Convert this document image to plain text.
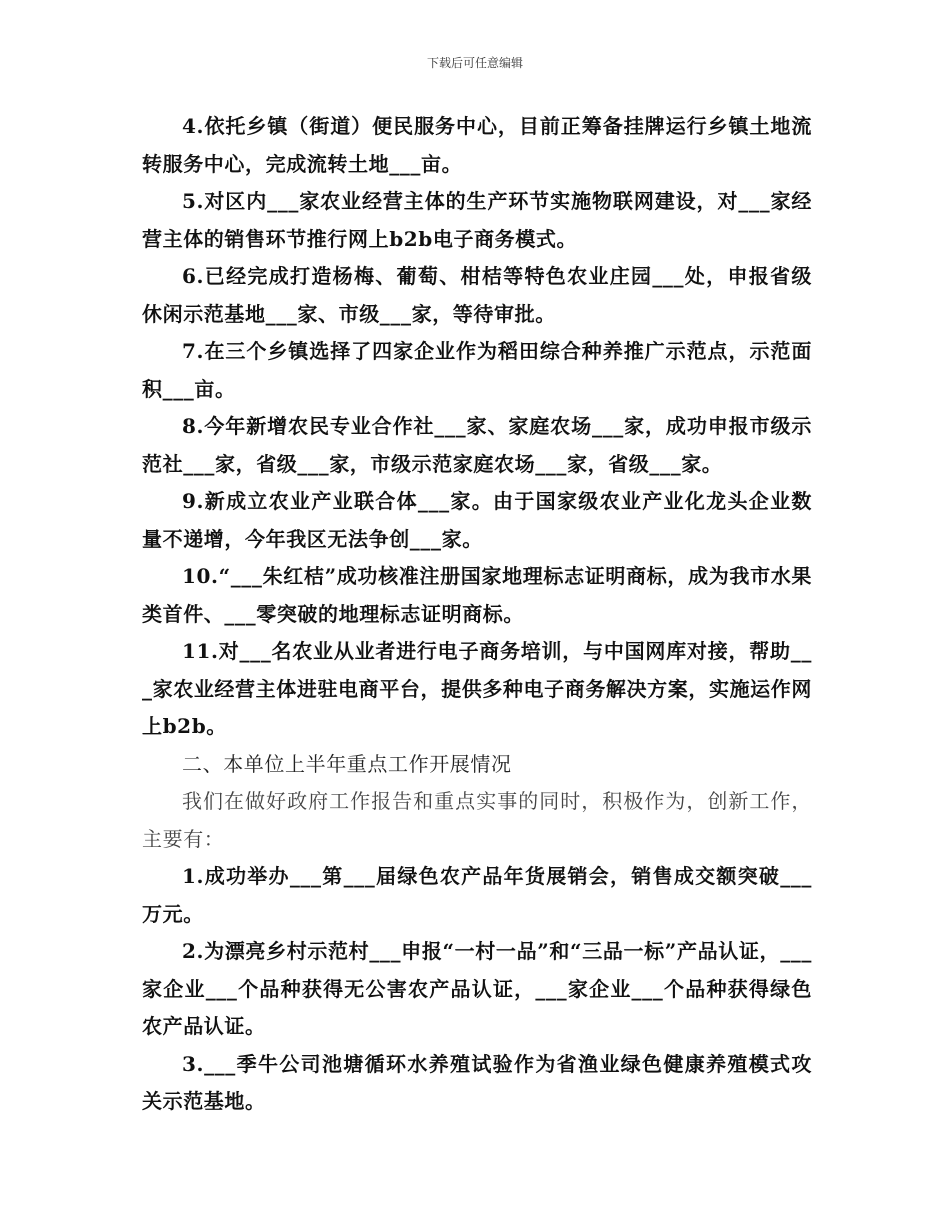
下载后可任意编辑

4.依托乡镇（街道）便民服务中心，目前正筹备挂牌运行乡镇土地流转服务中心，完成流转土地___亩。

5.对区内___家农业经营主体的生产环节实施物联网建设，对___家经营主体的销售环节推行网上b2b电子商务模式。

6.已经完成打造杨梅、葡萄、柑桔等特色农业庄园___处，申报省级休闲示范基地___家、市级___家，等待审批。

7.在三个乡镇选择了四家企业作为稻田综合种养推广示范点，示范面积___亩。

8.今年新增农民专业合作社___家、家庭农场___家，成功申报市级示范社___家，省级___家，市级示范家庭农场___家，省级___家。

9.新成立农业产业联合体___家。由于国家级农业产业化龙头企业数量不递增，今年我区无法争创___家。

10.“___朱红桔”成功核准注册国家地理标志证明商标，成为我市水果类首件、___零突破的地理标志证明商标。

11.对___名农业从业者进行电子商务培训，与中国网库对接，帮助___家农业经营主体进驻电商平台，提供多种电子商务解决方案，实施运作网上b2b。

二、本单位上半年重点工作开展情况

我们在做好政府工作报告和重点实事的同时，积极作为，创新工作，主要有：

1.成功举办___第___届绿色农产品年货展销会，销售成交额突破___万元。

2.为漂亮乡村示范村___申报“一村一品”和“三品一标”产品认证，___家企业___个品种获得无公害农产品认证，___家企业___个品种获得绿色农产品认证。

3.___季牛公司池塘循环水养殖试验作为省渔业绿色健康养殖模式攻关示范基地。
